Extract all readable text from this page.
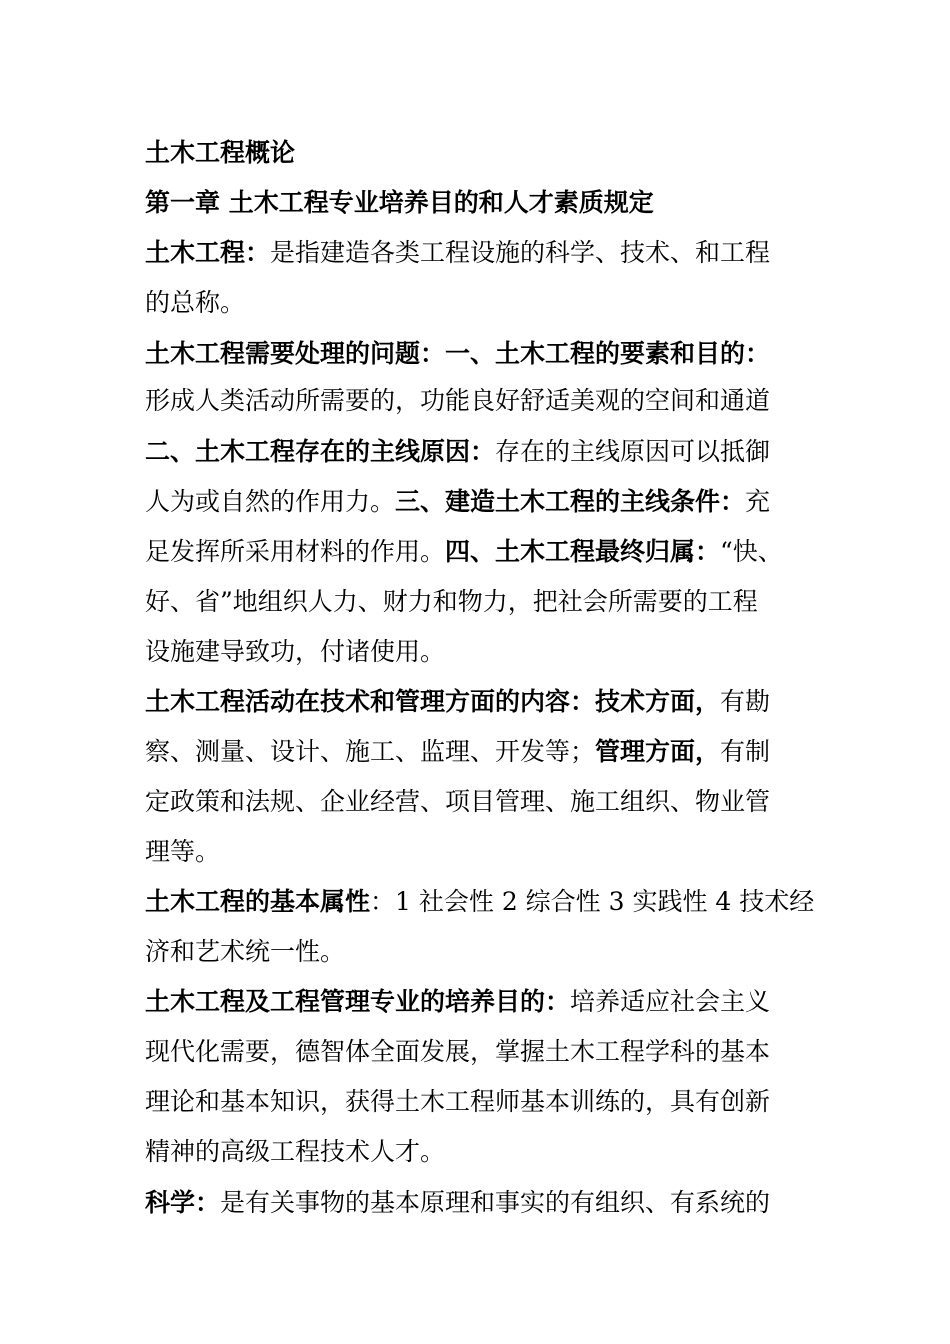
土木工程概论
第一章 土木工程专业培养目的和人才素质规定
土木工程：是指建造各类工程设施的科学、技术、和工程
的总称。
土木工程需要处理的问题：一、土木工程的要素和目的：
形成人类活动所需要的，功能良好舒适美观的空间和通道
二、土木工程存在的主线原因：存在的主线原因可以抵御
人为或自然的作用力。三、建造土木工程的主线条件：充
足发挥所采用材料的作用。四、土木工程最终归属：“快、
好、省”地组织人力、财力和物力，把社会所需要的工程
设施建导致功，付诸使用。
土木工程活动在技术和管理方面的内容：技术方面，有勘
察、测量、设计、施工、监理、开发等；管理方面，有制
定政策和法规、企业经营、项目管理、施工组织、物业管
理等。
土木工程的基本属性：1 社会性 2 综合性 3 实践性 4 技术经
济和艺术统一性。
土木工程及工程管理专业的培养目的：培养适应社会主义
现代化需要，德智体全面发展，掌握土木工程学科的基本
理论和基本知识，获得土木工程师基本训练的，具有创新
精神的高级工程技术人才。
科学：是有关事物的基本原理和事实的有组织、有系统的
